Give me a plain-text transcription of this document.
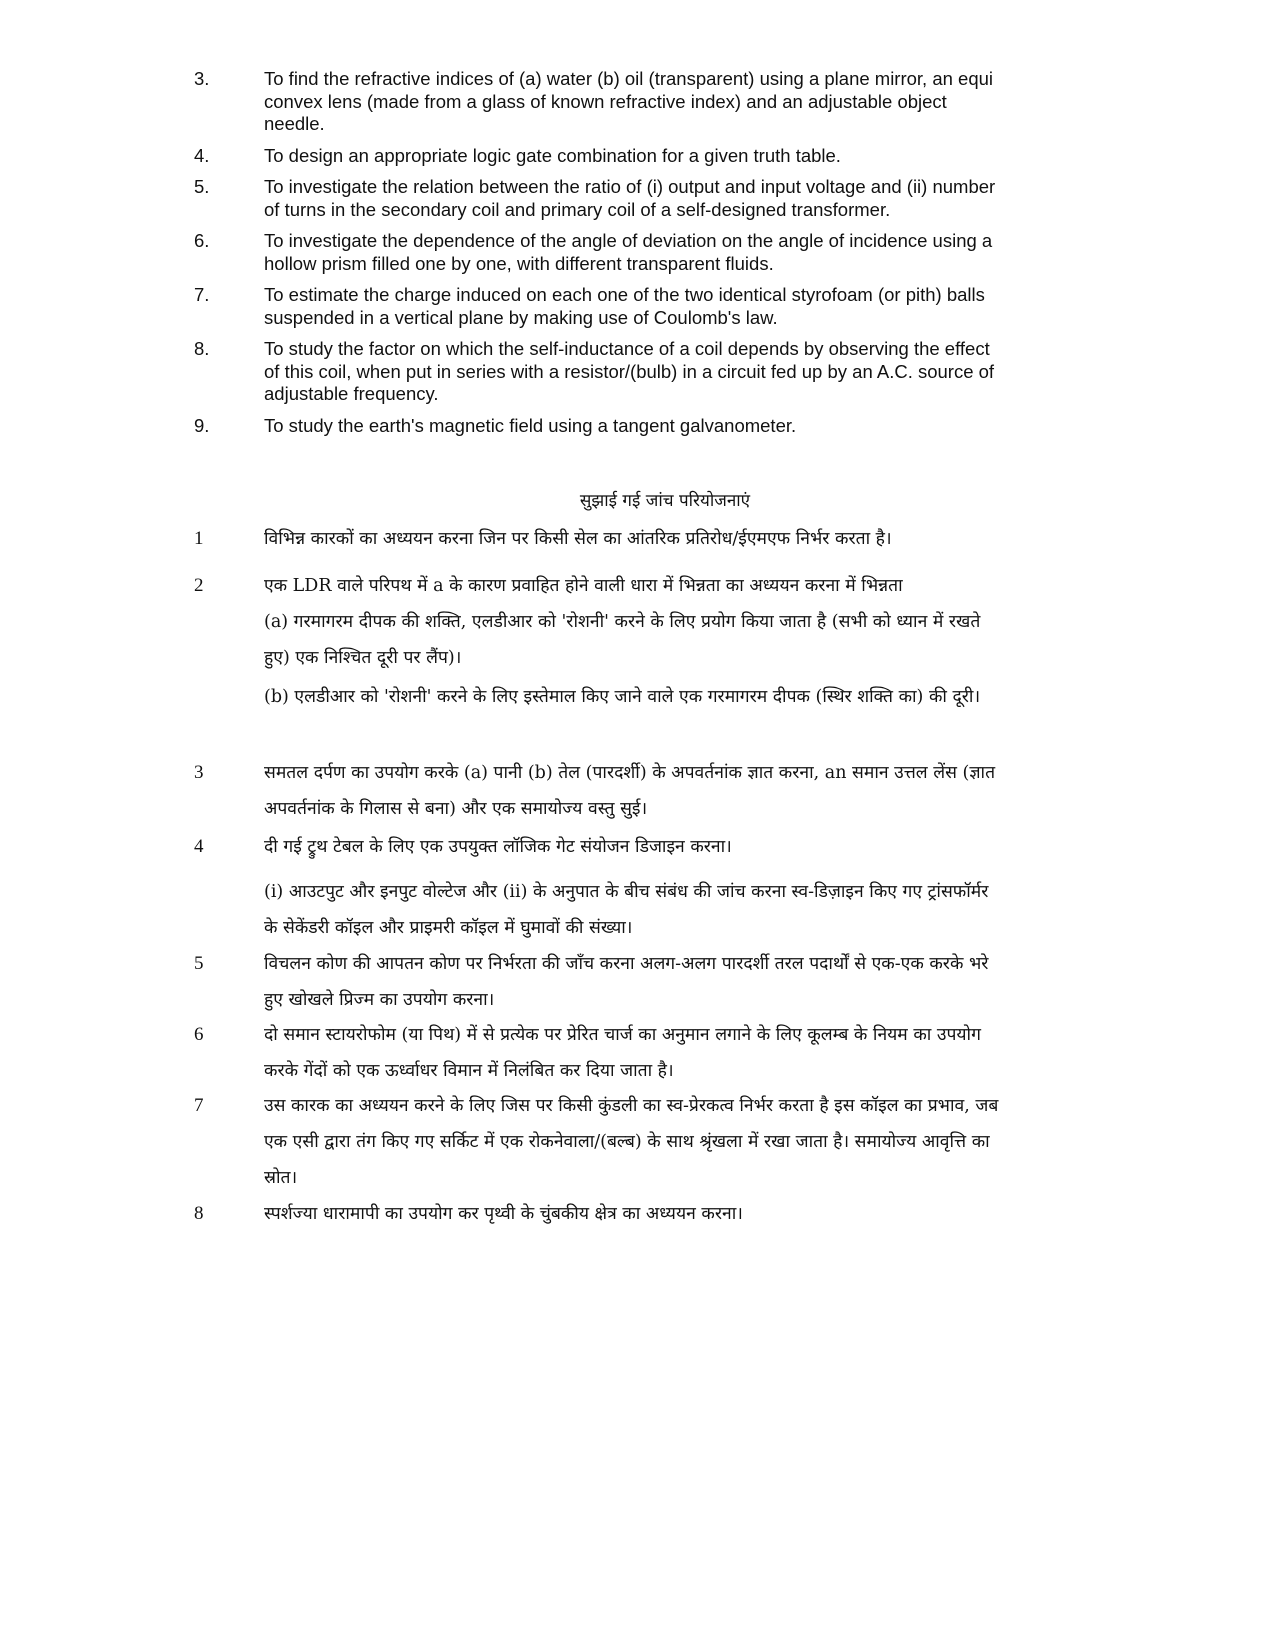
3.	To find the refractive indices of (a) water (b) oil (transparent) using a plane mirror, an equi convex lens (made from a glass of known refractive index) and an adjustable object needle.
4.	To design an appropriate logic gate combination for a given truth table.
5.	To investigate the relation between the ratio of (i) output and input voltage and (ii) number of turns in the secondary coil and primary coil of a self-designed transformer.
6.	To investigate the dependence of the angle of deviation on the angle of incidence using a hollow prism filled one by one, with different transparent fluids.
7.	To estimate the charge induced on each one of the two identical styrofoam (or pith) balls suspended in a vertical plane by making use of Coulomb's law.
8.	To study the factor on which the self-inductance of a coil depends by observing the effect of this coil, when put in series with a resistor/(bulb) in a circuit fed up by an A.C. source of adjustable frequency.
9.	To study the earth's magnetic field using a tangent galvanometer.
सुझाई गई जांच परियोजनाएं
1	विभिन्न कारकों का अध्ययन करना जिन पर किसी सेल का आंतरिक प्रतिरोध/ईएमएफ निर्भर करता है।
2	एक LDR वाले परिपथ में a के कारण प्रवाहित होने वाली धारा में भिन्नता का अध्ययन करना में भिन्नता
(a) गरमागरम दीपक की शक्ति, एलडीआर को 'रोशनी' करने के लिए प्रयोग किया जाता है (सभी को ध्यान में रखते हुए) एक निश्चित दूरी पर लैंप)।
(b) एलडीआर को 'रोशनी' करने के लिए इस्तेमाल किए जाने वाले एक गरमागरम दीपक (स्थिर शक्ति का) की दूरी।
3	समतल दर्पण का उपयोग करके (a) पानी (b) तेल (पारदर्शी) के अपवर्तनांक ज्ञात करना, an समान उत्तल लेंस (ज्ञात अपवर्तनांक के गिलास से बना) और एक समायोज्य वस्तु सुई।
4	दी गई ट्रुथ टेबल के लिए एक उपयुक्त लॉजिक गेट संयोजन डिजाइन करना।
(i) आउटपुट और इनपुट वोल्टेज और (ii) के अनुपात के बीच संबंध की जांच करना स्व-डिज़ाइन किए गए ट्रांसफॉर्मर के सेकेंडरी कॉइल और प्राइमरी कॉइल में घुमावों की संख्या।
5	विचलन कोण की आपतन कोण पर निर्भरता की जाँच करना अलग-अलग पारदर्शी तरल पदार्थों से एक-एक करके भरे हुए खोखले प्रिज्म का उपयोग करना।
6	दो समान स्टायरोफोम (या पिथ) में से प्रत्येक पर प्रेरित चार्ज का अनुमान लगाने के लिए कूलम्ब के नियम का उपयोग करके गेंदों को एक ऊर्ध्वाधर विमान में निलंबित कर दिया जाता है।
7	उस कारक का अध्ययन करने के लिए जिस पर किसी कुंडली का स्व-प्रेरकत्व निर्भर करता है इस कॉइल का प्रभाव, जब एक एसी द्वारा तंग किए गए सर्किट में एक रोकनेवाला/(बल्ब) के साथ श्रृंखला में रखा जाता है। समायोज्य आवृत्ति का स्रोत।
8	स्पर्शज्या धारामापी का उपयोग कर पृथ्वी के चुंबकीय क्षेत्र का अध्ययन करना।
